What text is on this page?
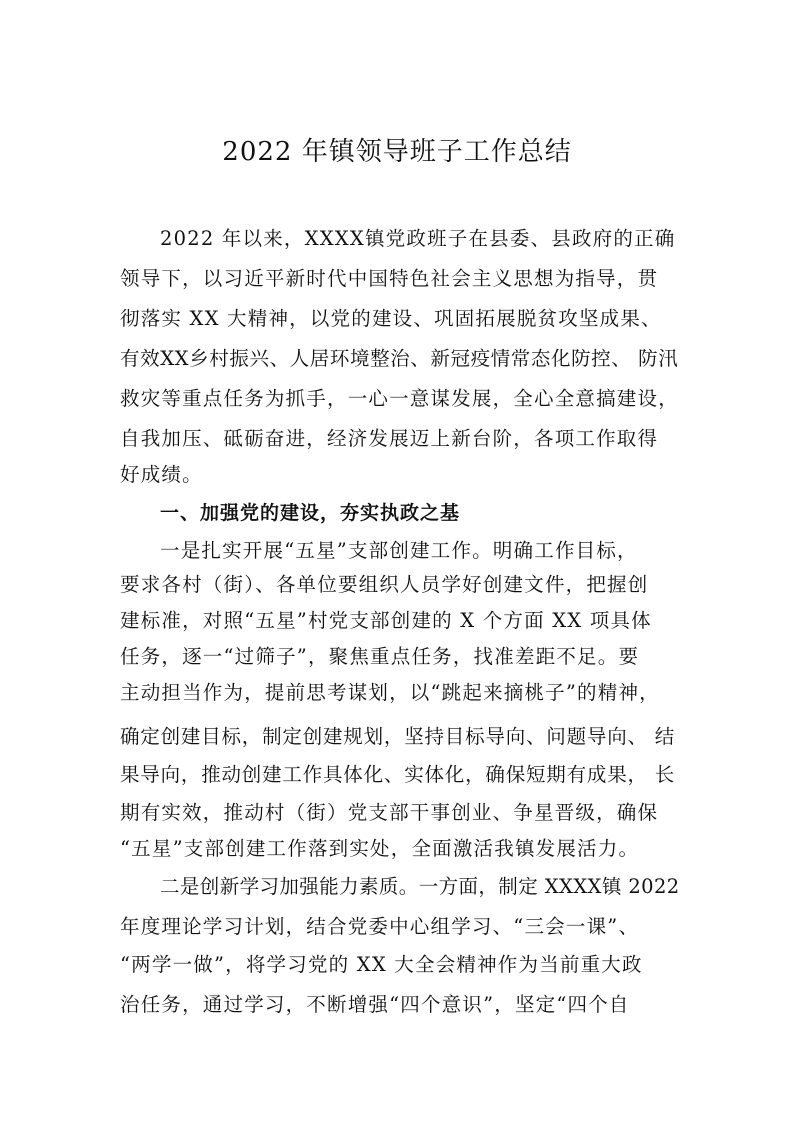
2022 年镇领导班子工作总结

2022 年以来，XXXX镇党政班子在县委、县政府的正确

领导下，以习近平新时代中国特色社会主义思想为指导，贯

彻落实 XX 大精神，以党的建设、巩固拓展脱贫攻坚成果、

有效XX乡村振兴、人居环境整治、新冠疫情常态化防控、 防汛

救灾等重点任务为抓手，一心一意谋发展，全心全意搞建设，

自我加压、砥砺奋进，经济发展迈上新台阶，各项工作取得

好成绩。

一、加强党的建设，夯实执政之基

一是扎实开展“五星”支部创建工作。明确工作目标，

要求各村（街）、各单位要组织人员学好创建文件，把握创

建标准，对照“五星”村党支部创建的 X 个方面 XX 项具体

任务，逐一“过筛子”，聚焦重点任务，找准差距不足。要

主动担当作为，提前思考谋划，以“跳起来摘桃子”的精神，

确定创建目标，制定创建规划，坚持目标导向、问题导向、 结

果导向，推动创建工作具体化、实体化，确保短期有成果， 长

期有实效，推动村（街）党支部干事创业、争星晋级，确保

“五星”支部创建工作落到实处，全面激活我镇发展活力。

二是创新学习加强能力素质。一方面，制定 XXXX镇 2022

年度理论学习计划，结合党委中心组学习、“三会一课”、

“两学一做”，将学习党的 XX 大全会精神作为当前重大政

治任务，通过学习，不断增强“四个意识”，坚定“四个自
